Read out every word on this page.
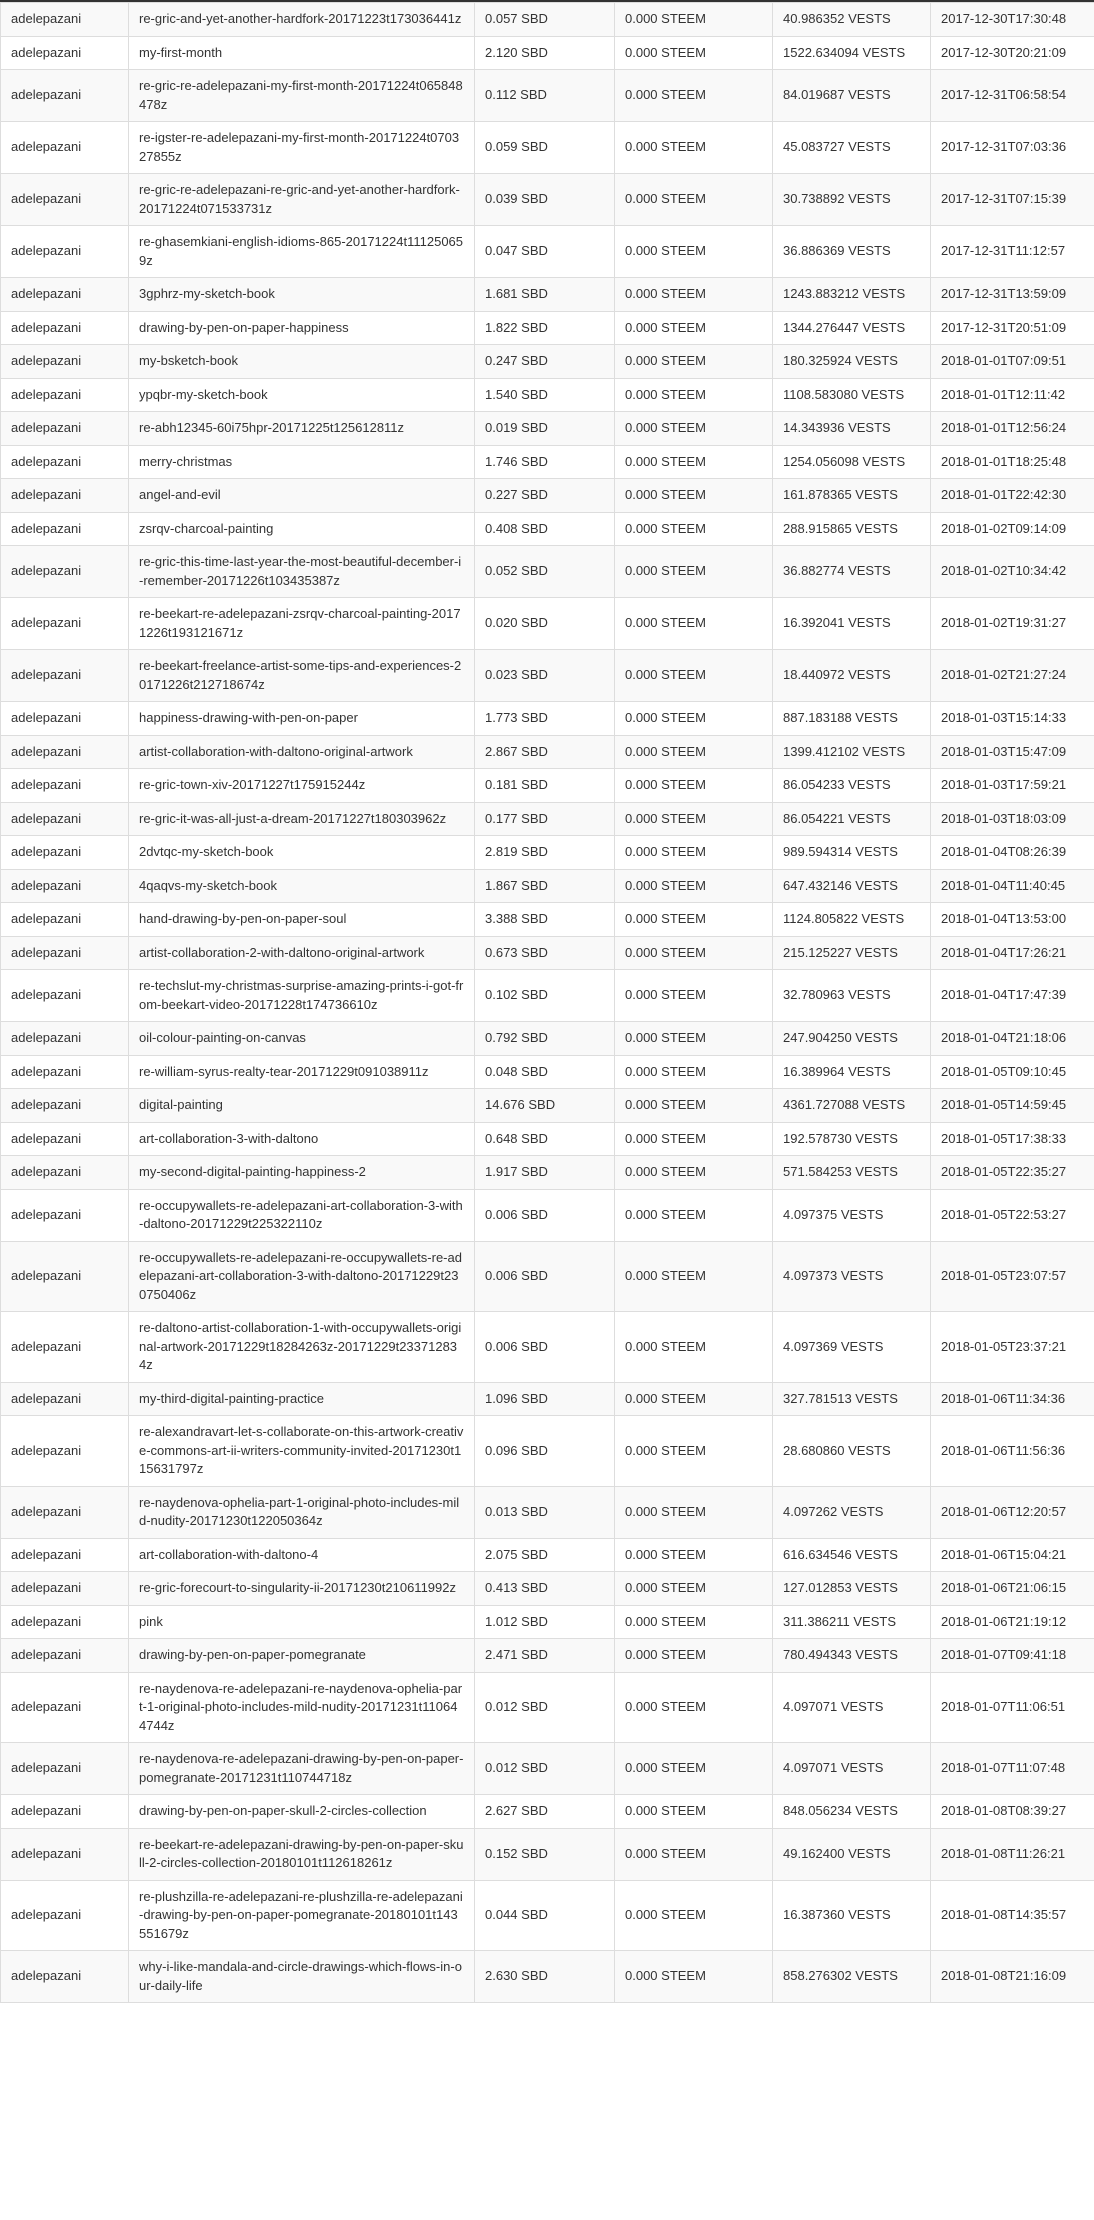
adelepazani	re-gric-and-yet-another-hardfork-20171223t173036441z	0.057 SBD	0.000 STEEM	40.986352 VESTS	2017-12-30T17:30:48
adelepazani	my-first-month	2.120 SBD	0.000 STEEM	1522.634094 VESTS	2017-12-30T20:21:09
adelepazani	re-gric-re-adelepazani-my-first-month-20171224t065848478z	0.112 SBD	0.000 STEEM	84.019687 VESTS	2017-12-31T06:58:54
adelepazani	re-igster-re-adelepazani-my-first-month-20171224t070327855z	0.059 SBD	0.000 STEEM	45.083727 VESTS	2017-12-31T07:03:36
adelepazani	re-gric-re-adelepazani-re-gric-and-yet-another-hardfork-20171224t071533731z	0.039 SBD	0.000 STEEM	30.738892 VESTS	2017-12-31T07:15:39
adelepazani	re-ghasemkiani-english-idioms-865-20171224t111250659z	0.047 SBD	0.000 STEEM	36.886369 VESTS	2017-12-31T11:12:57
adelepazani	3gphrz-my-sketch-book	1.681 SBD	0.000 STEEM	1243.883212 VESTS	2017-12-31T13:59:09
adelepazani	drawing-by-pen-on-paper-happiness	1.822 SBD	0.000 STEEM	1344.276447 VESTS	2017-12-31T20:51:09
adelepazani	my-bsketch-book	0.247 SBD	0.000 STEEM	180.325924 VESTS	2018-01-01T07:09:51
adelepazani	ypqbr-my-sketch-book	1.540 SBD	0.000 STEEM	1108.583080 VESTS	2018-01-01T12:11:42
adelepazani	re-abh12345-60i75hpr-20171225t125612811z	0.019 SBD	0.000 STEEM	14.343936 VESTS	2018-01-01T12:56:24
adelepazani	merry-christmas	1.746 SBD	0.000 STEEM	1254.056098 VESTS	2018-01-01T18:25:48
adelepazani	angel-and-evil	0.227 SBD	0.000 STEEM	161.878365 VESTS	2018-01-01T22:42:30
adelepazani	zsrqv-charcoal-painting	0.408 SBD	0.000 STEEM	288.915865 VESTS	2018-01-02T09:14:09
adelepazani	re-gric-this-time-last-year-the-most-beautiful-december-i-remember-20171226t103435387z	0.052 SBD	0.000 STEEM	36.882774 VESTS	2018-01-02T10:34:42
adelepazani	re-beekart-re-adelepazani-zsrqv-charcoal-painting-20171226t193121671z	0.020 SBD	0.000 STEEM	16.392041 VESTS	2018-01-02T19:31:27
adelepazani	re-beekart-freelance-artist-some-tips-and-experiences-20171226t212718674z	0.023 SBD	0.000 STEEM	18.440972 VESTS	2018-01-02T21:27:24
adelepazani	happiness-drawing-with-pen-on-paper	1.773 SBD	0.000 STEEM	887.183188 VESTS	2018-01-03T15:14:33
adelepazani	artist-collaboration-with-daltono-original-artwork	2.867 SBD	0.000 STEEM	1399.412102 VESTS	2018-01-03T15:47:09
adelepazani	re-gric-town-xiv-20171227t175915244z	0.181 SBD	0.000 STEEM	86.054233 VESTS	2018-01-03T17:59:21
adelepazani	re-gric-it-was-all-just-a-dream-20171227t180303962z	0.177 SBD	0.000 STEEM	86.054221 VESTS	2018-01-03T18:03:09
adelepazani	2dvtqc-my-sketch-book	2.819 SBD	0.000 STEEM	989.594314 VESTS	2018-01-04T08:26:39
adelepazani	4qaqvs-my-sketch-book	1.867 SBD	0.000 STEEM	647.432146 VESTS	2018-01-04T11:40:45
adelepazani	hand-drawing-by-pen-on-paper-soul	3.388 SBD	0.000 STEEM	1124.805822 VESTS	2018-01-04T13:53:00
adelepazani	artist-collaboration-2-with-daltono-original-artwork	0.673 SBD	0.000 STEEM	215.125227 VESTS	2018-01-04T17:26:21
adelepazani	re-techslut-my-christmas-surprise-amazing-prints-i-got-from-beekart-video-20171228t174736610z	0.102 SBD	0.000 STEEM	32.780963 VESTS	2018-01-04T17:47:39
adelepazani	oil-colour-painting-on-canvas	0.792 SBD	0.000 STEEM	247.904250 VESTS	2018-01-04T21:18:06
adelepazani	re-william-syrus-realty-tear-20171229t091038911z	0.048 SBD	0.000 STEEM	16.389964 VESTS	2018-01-05T09:10:45
adelepazani	digital-painting	14.676 SBD	0.000 STEEM	4361.727088 VESTS	2018-01-05T14:59:45
adelepazani	art-collaboration-3-with-daltono	0.648 SBD	0.000 STEEM	192.578730 VESTS	2018-01-05T17:38:33
adelepazani	my-second-digital-painting-happiness-2	1.917 SBD	0.000 STEEM	571.584253 VESTS	2018-01-05T22:35:27
adelepazani	re-occupywallets-re-adelepazani-art-collaboration-3-with-daltono-20171229t225322110z	0.006 SBD	0.000 STEEM	4.097375 VESTS	2018-01-05T22:53:27
adelepazani	re-occupywallets-re-adelepazani-re-occupywallets-re-adelepazani-art-collaboration-3-with-daltono-20171229t230750406z	0.006 SBD	0.000 STEEM	4.097373 VESTS	2018-01-05T23:07:57
adelepazani	re-daltono-artist-collaboration-1-with-occupywallets-original-artwork-20171229t18284263z-20171229t233712834z	0.006 SBD	0.000 STEEM	4.097369 VESTS	2018-01-05T23:37:21
adelepazani	my-third-digital-painting-practice	1.096 SBD	0.000 STEEM	327.781513 VESTS	2018-01-06T11:34:36
adelepazani	re-alexandravart-let-s-collaborate-on-this-artwork-creative-commons-art-ii-writers-community-invited-20171230t115631797z	0.096 SBD	0.000 STEEM	28.680860 VESTS	2018-01-06T11:56:36
adelepazani	re-naydenova-ophelia-part-1-original-photo-includes-mild-nudity-20171230t122050364z	0.013 SBD	0.000 STEEM	4.097262 VESTS	2018-01-06T12:20:57
adelepazani	art-collaboration-with-daltono-4	2.075 SBD	0.000 STEEM	616.634546 VESTS	2018-01-06T15:04:21
adelepazani	re-gric-forecourt-to-singularity-ii-20171230t210611992z	0.413 SBD	0.000 STEEM	127.012853 VESTS	2018-01-06T21:06:15
adelepazani	pink	1.012 SBD	0.000 STEEM	311.386211 VESTS	2018-01-06T21:19:12
adelepazani	drawing-by-pen-on-paper-pomegranate	2.471 SBD	0.000 STEEM	780.494343 VESTS	2018-01-07T09:41:18
adelepazani	re-naydenova-re-adelepazani-re-naydenova-ophelia-part-1-original-photo-includes-mild-nudity-20171231t110644744z	0.012 SBD	0.000 STEEM	4.097071 VESTS	2018-01-07T11:06:51
adelepazani	re-naydenova-re-adelepazani-drawing-by-pen-on-paper-pomegranate-20171231t110744718z	0.012 SBD	0.000 STEEM	4.097071 VESTS	2018-01-07T11:07:48
adelepazani	drawing-by-pen-on-paper-skull-2-circles-collection	2.627 SBD	0.000 STEEM	848.056234 VESTS	2018-01-08T08:39:27
adelepazani	re-beekart-re-adelepazani-drawing-by-pen-on-paper-skull-2-circles-collection-20180101t112618261z	0.152 SBD	0.000 STEEM	49.162400 VESTS	2018-01-08T11:26:21
adelepazani	re-plushzilla-re-adelepazani-re-plushzilla-re-adelepazani-drawing-by-pen-on-paper-pomegranate-20180101t143551679z	0.044 SBD	0.000 STEEM	16.387360 VESTS	2018-01-08T14:35:57
adelepazani	why-i-like-mandala-and-circle-drawings-which-flows-in-our-daily-life	2.630 SBD	0.000 STEEM	858.276302 VESTS	2018-01-08T21:16:09
